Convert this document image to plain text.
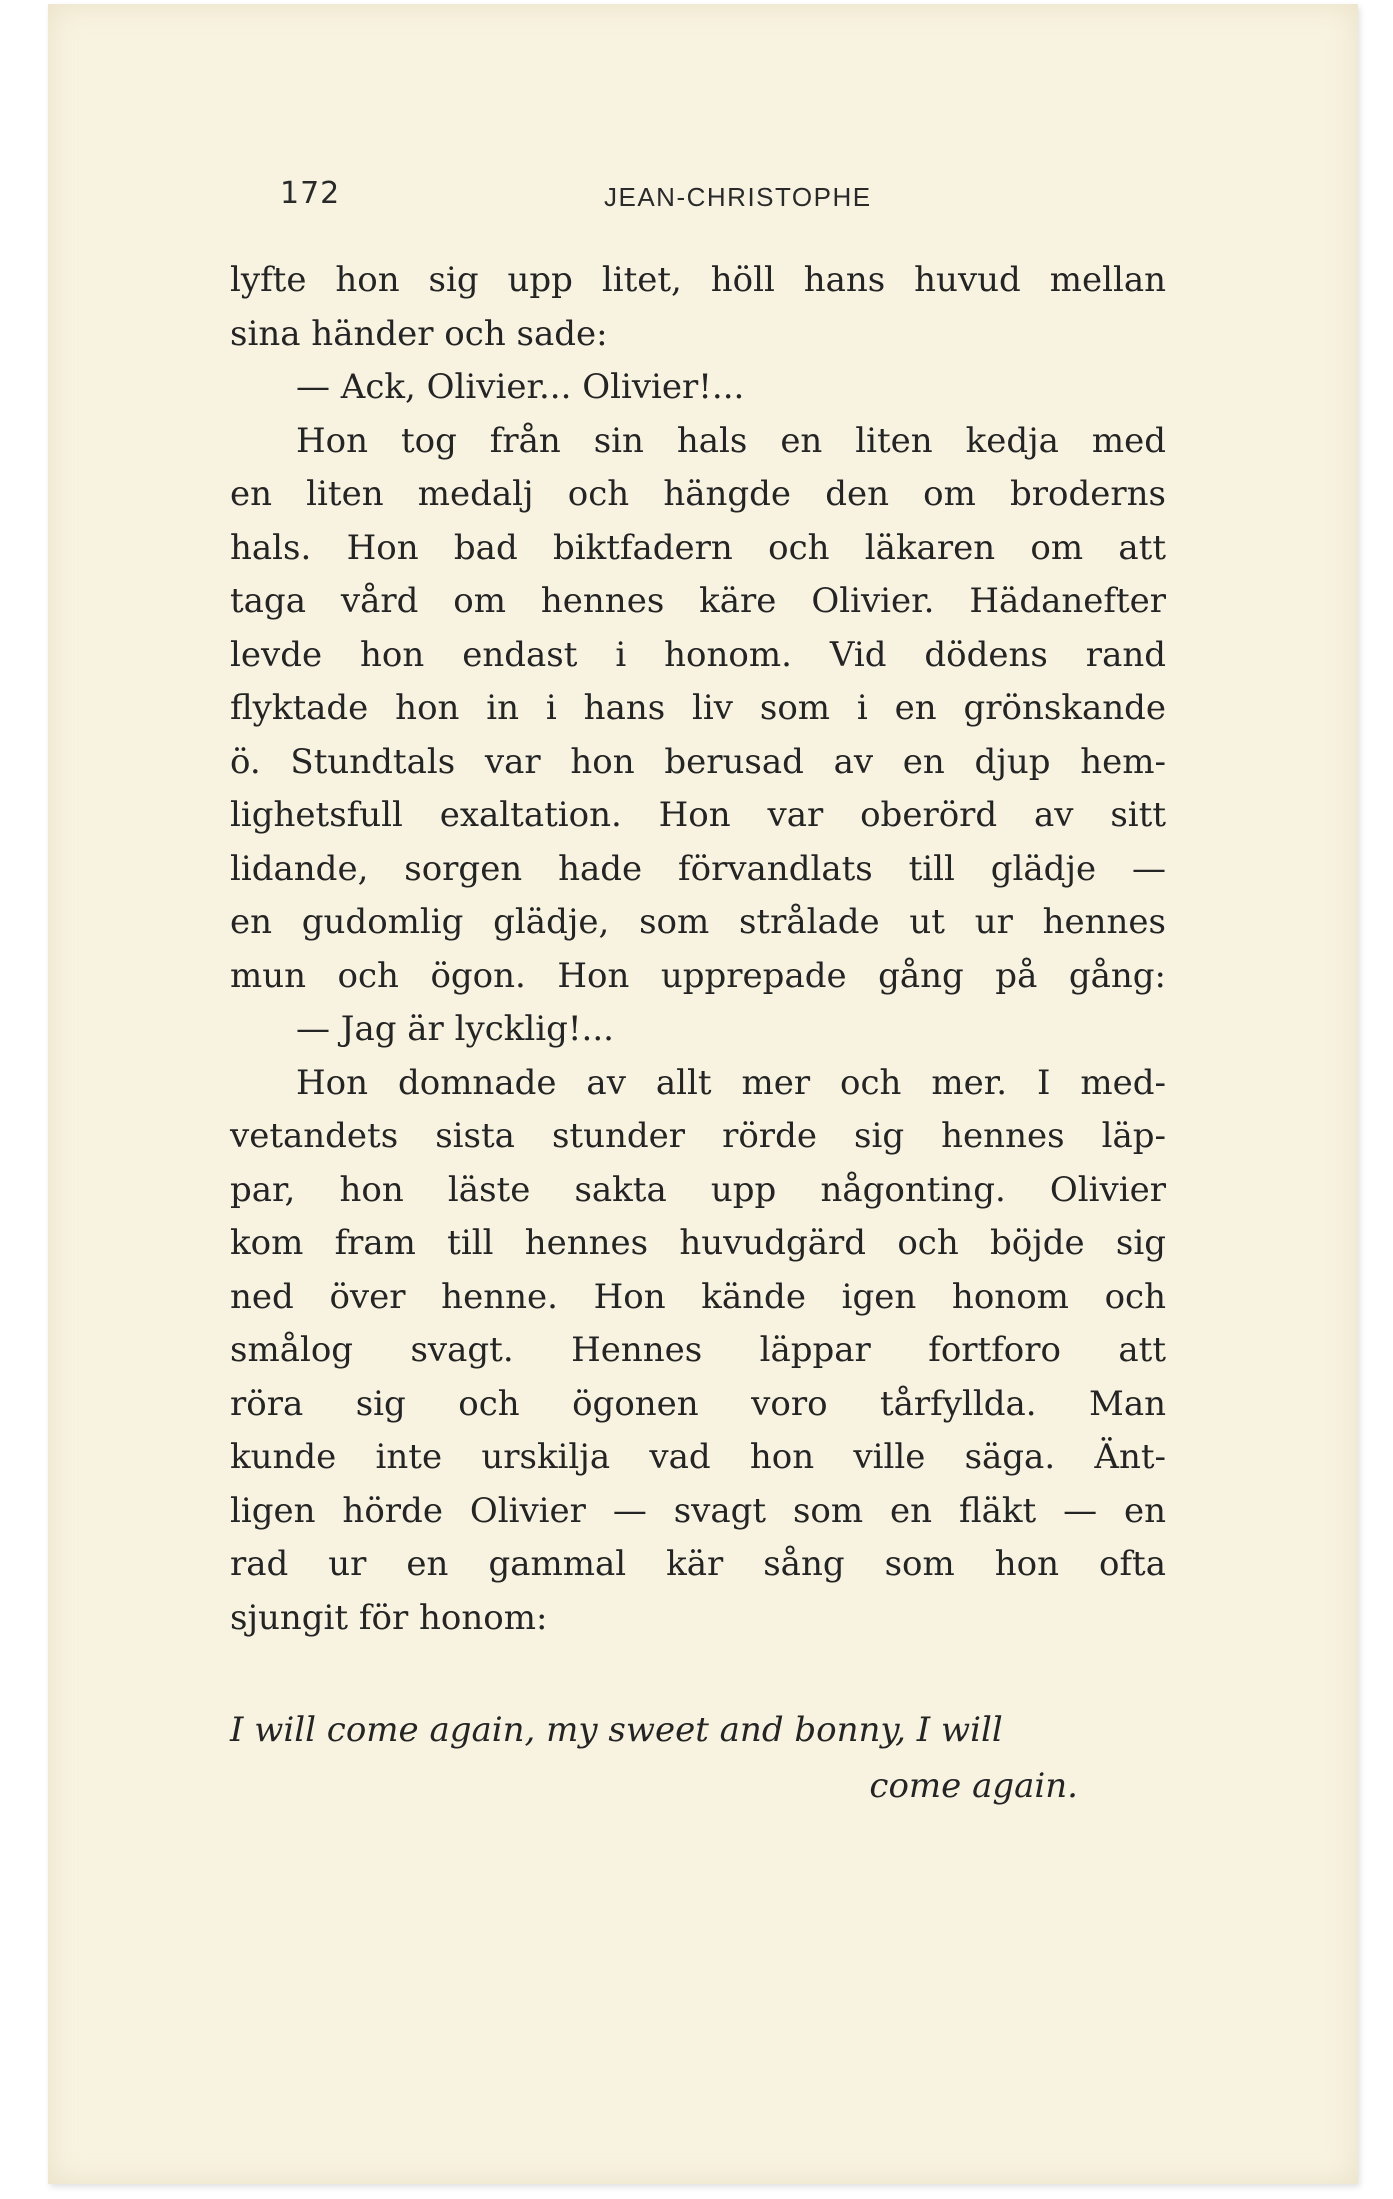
172	JEAN-CHRISTOPHE
lyfte hon sig upp litet, höll hans huvud mellan
sina händer och sade:
— Ack, Olivier... Olivier!...
Hon tog från sin hals en liten kedja med
en liten medalj och hängde den om broderns
hals. Hon bad biktfadern och läkaren om att
taga vård om hennes käre Olivier. Hädanefter
levde hon endast i honom. Vid dödens rand
flyktade hon in i hans liv som i en grönskande
ö. Stundtals var hon berusad av en djup hem-
lighetsfull exaltation. Hon var oberörd av sitt
lidande, sorgen hade förvandlats till glädje —
en gudomlig glädje, som strålade ut ur hennes
mun och ögon. Hon upprepade gång på gång:
— Jag är lycklig!...
Hon domnade av allt mer och mer. I med-
vetandets sista stunder rörde sig hennes läp-
par, hon läste sakta upp någonting. Olivier
kom fram till hennes huvudgärd och böjde sig
ned över henne. Hon kände igen honom och
smålog svagt. Hennes läppar fortforo att
röra sig och ögonen voro tårfyllda. Man
kunde inte urskilja vad hon ville säga. Änt-
ligen hörde Olivier — svagt som en fläkt — en
rad ur en gammal kär sång som hon ofta
sjungit för honom:
I will come again, my sweet and bonny, I will
come again.
